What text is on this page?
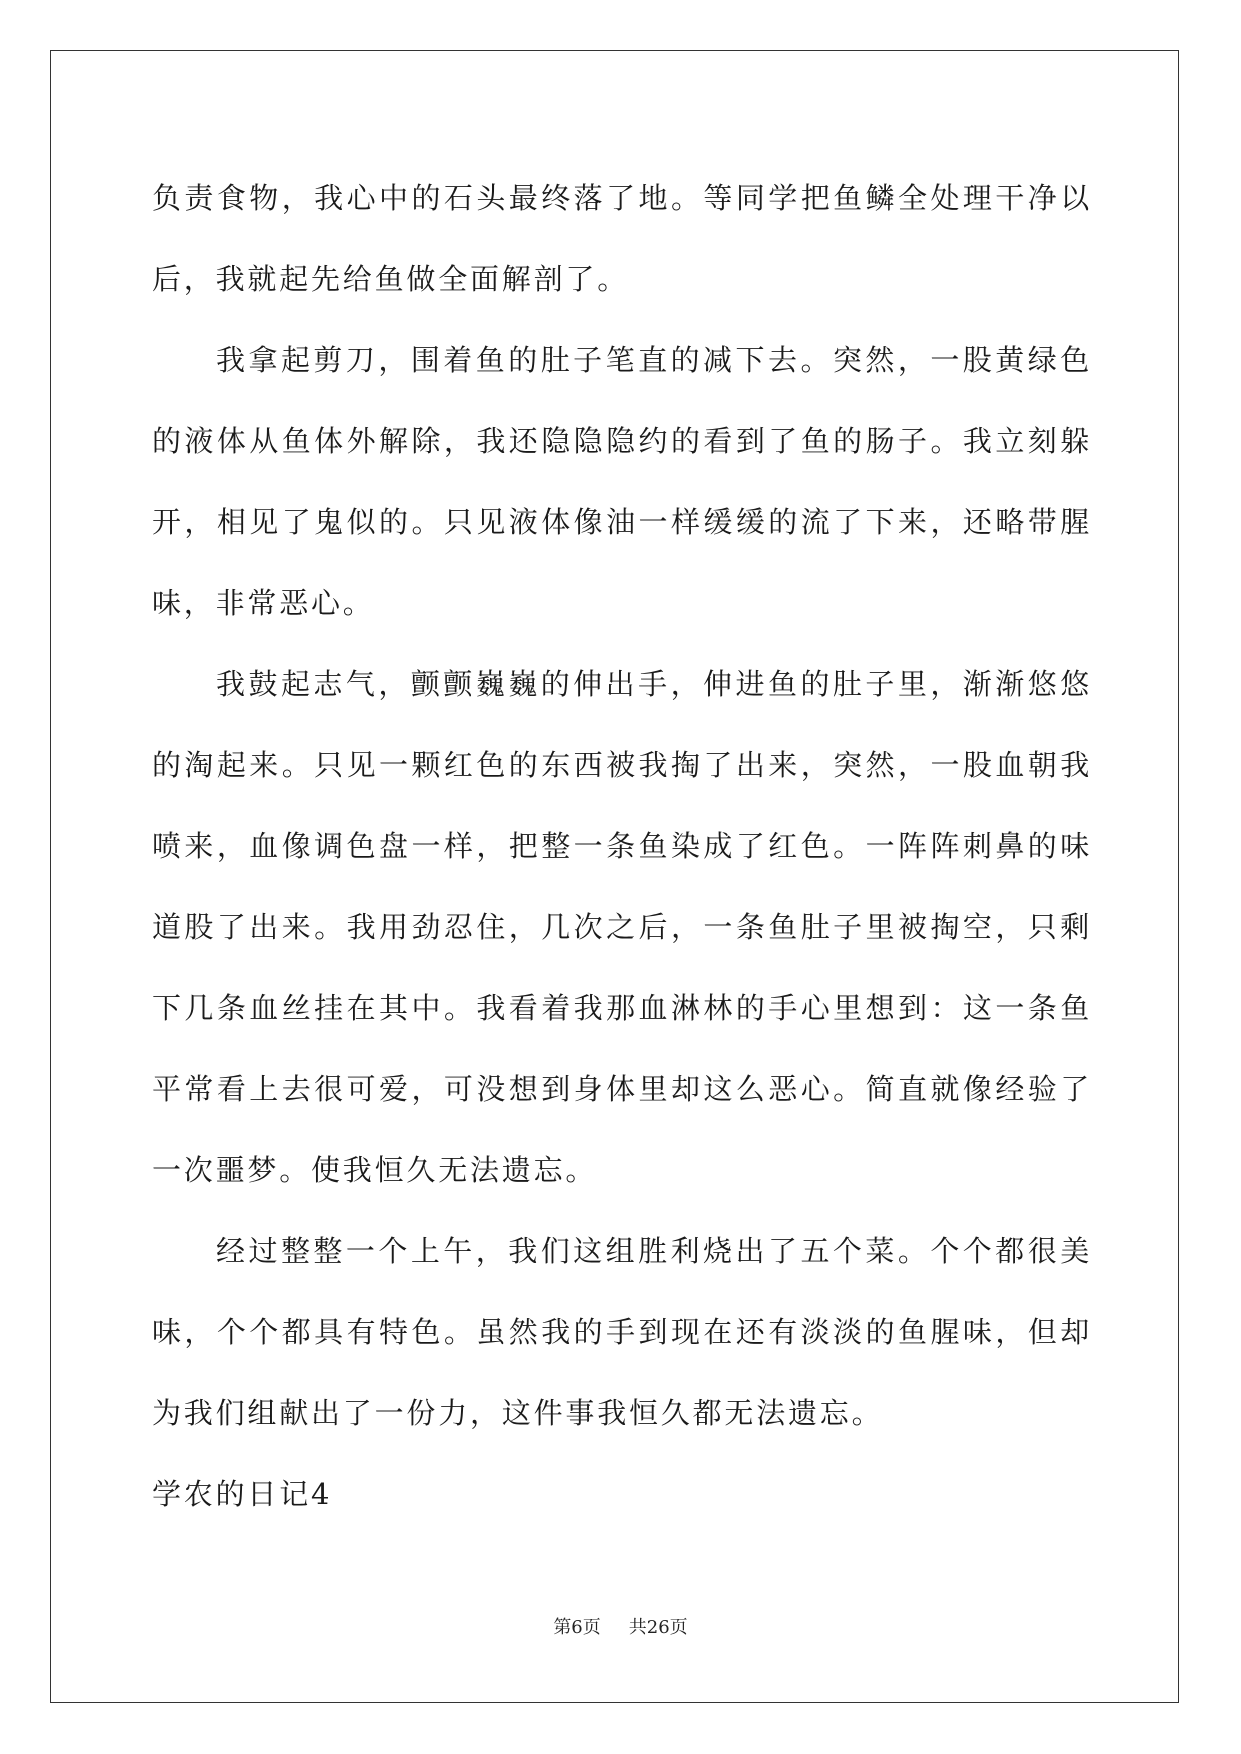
负责食物，我心中的石头最终落了地。等同学把鱼鳞全处理干净以后，我就起先给鱼做全面解剖了。

我拿起剪刀，围着鱼的肚子笔直的减下去。突然，一股黄绿色的液体从鱼体外解除，我还隐隐隐约的看到了鱼的肠子。我立刻躲开，相见了鬼似的。只见液体像油一样缓缓的流了下来，还略带腥味，非常恶心。

我鼓起志气，颤颤巍巍的伸出手，伸进鱼的肚子里，渐渐悠悠的淘起来。只见一颗红色的东西被我掏了出来，突然，一股血朝我喷来，血像调色盘一样，把整一条鱼染成了红色。一阵阵刺鼻的味道股了出来。我用劲忍住，几次之后，一条鱼肚子里被掏空，只剩下几条血丝挂在其中。我看着我那血淋林的手心里想到：这一条鱼平常看上去很可爱，可没想到身体里却这么恶心。简直就像经验了一次噩梦。使我恒久无法遗忘。

经过整整一个上午，我们这组胜利烧出了五个菜。个个都很美味，个个都具有特色。虽然我的手到现在还有淡淡的鱼腥味，但却为我们组献出了一份力，这件事我恒久都无法遗忘。

学农的日记4

第6页 共26页
